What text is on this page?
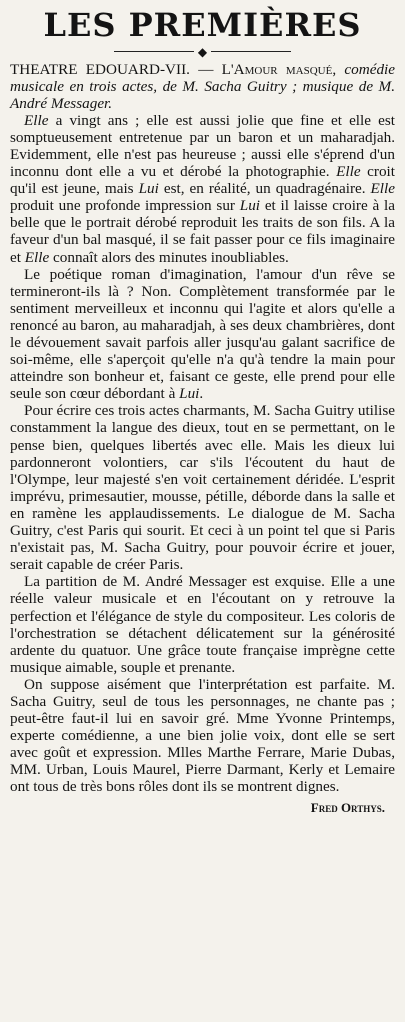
LES PREMIÈRES
◆

THEATRE EDOUARD-VII. — L'Amour masqué, comédie musicale en trois actes, de M. Sacha Guitry ; musique de M. André Messager.

Elle a vingt ans ; elle est aussi jolie que fine et elle est somptueusement entretenue par un baron et un maharadjah. Evidemment, elle n'est pas heureuse ; aussi elle s'éprend d'un inconnu dont elle a vu et dérobé la photographie. Elle croit qu'il est jeune, mais Lui est, en réalité, un quadragénaire. Elle produit une profonde impression sur Lui et il laisse croire à la belle que le portrait dérobé reproduit les traits de son fils. A la faveur d'un bal masqué, il se fait passer pour ce fils imaginaire et Elle connaît alors des minutes inoubliables.

Le poétique roman d'imagination, l'amour d'un rêve se termineront-ils là ? Non. Complètement transformée par le sentiment merveilleux et inconnu qui l'agite et alors qu'elle a renoncé au baron, au maharadjah, à ses deux chambrières, dont le dévouement savait parfois aller jusqu'au galant sacrifice de soi-même, elle s'aperçoit qu'elle n'a qu'à tendre la main pour atteindre son bonheur et, faisant ce geste, elle prend pour elle seule son cœur débordant à Lui.

Pour écrire ces trois actes charmants, M. Sacha Guitry utilise constamment la langue des dieux, tout en se permettant, on le pense bien, quelques libertés avec elle. Mais les dieux lui pardonneront volontiers, car s'ils l'écoutent du haut de l'Olympe, leur majesté s'en voit certainement déridée. L'esprit imprévu, primesautier, mousse, pétille, déborde dans la salle et en ramène les applaudissements. Le dialogue de M. Sacha Guitry, c'est Paris qui sourit. Et ceci à un point tel que si Paris n'existait pas, M. Sacha Guitry, pour pouvoir écrire et jouer, serait capable de créer Paris.

La partition de M. André Messager est exquise. Elle a une réelle valeur musicale et en l'écoutant on y retrouve la perfection et l'élégance de style du compositeur. Les coloris de l'orchestration se détachent délicatement sur la générosité ardente du quatuor. Une grâce toute française imprègne cette musique aimable, souple et prenante.

On suppose aisément que l'interprétation est parfaite. M. Sacha Guitry, seul de tous les personnages, ne chante pas ; peut-être faut-il lui en savoir gré. Mme Yvonne Printemps, experte comédienne, a une bien jolie voix, dont elle se sert avec goût et expression. Mlles Marthe Ferrare, Marie Dubas, MM. Urban, Louis Maurel, Pierre Darmant, Kerly et Lemaire ont tous de très bons rôles dont ils se montrent dignes.

Fred Orthys.
